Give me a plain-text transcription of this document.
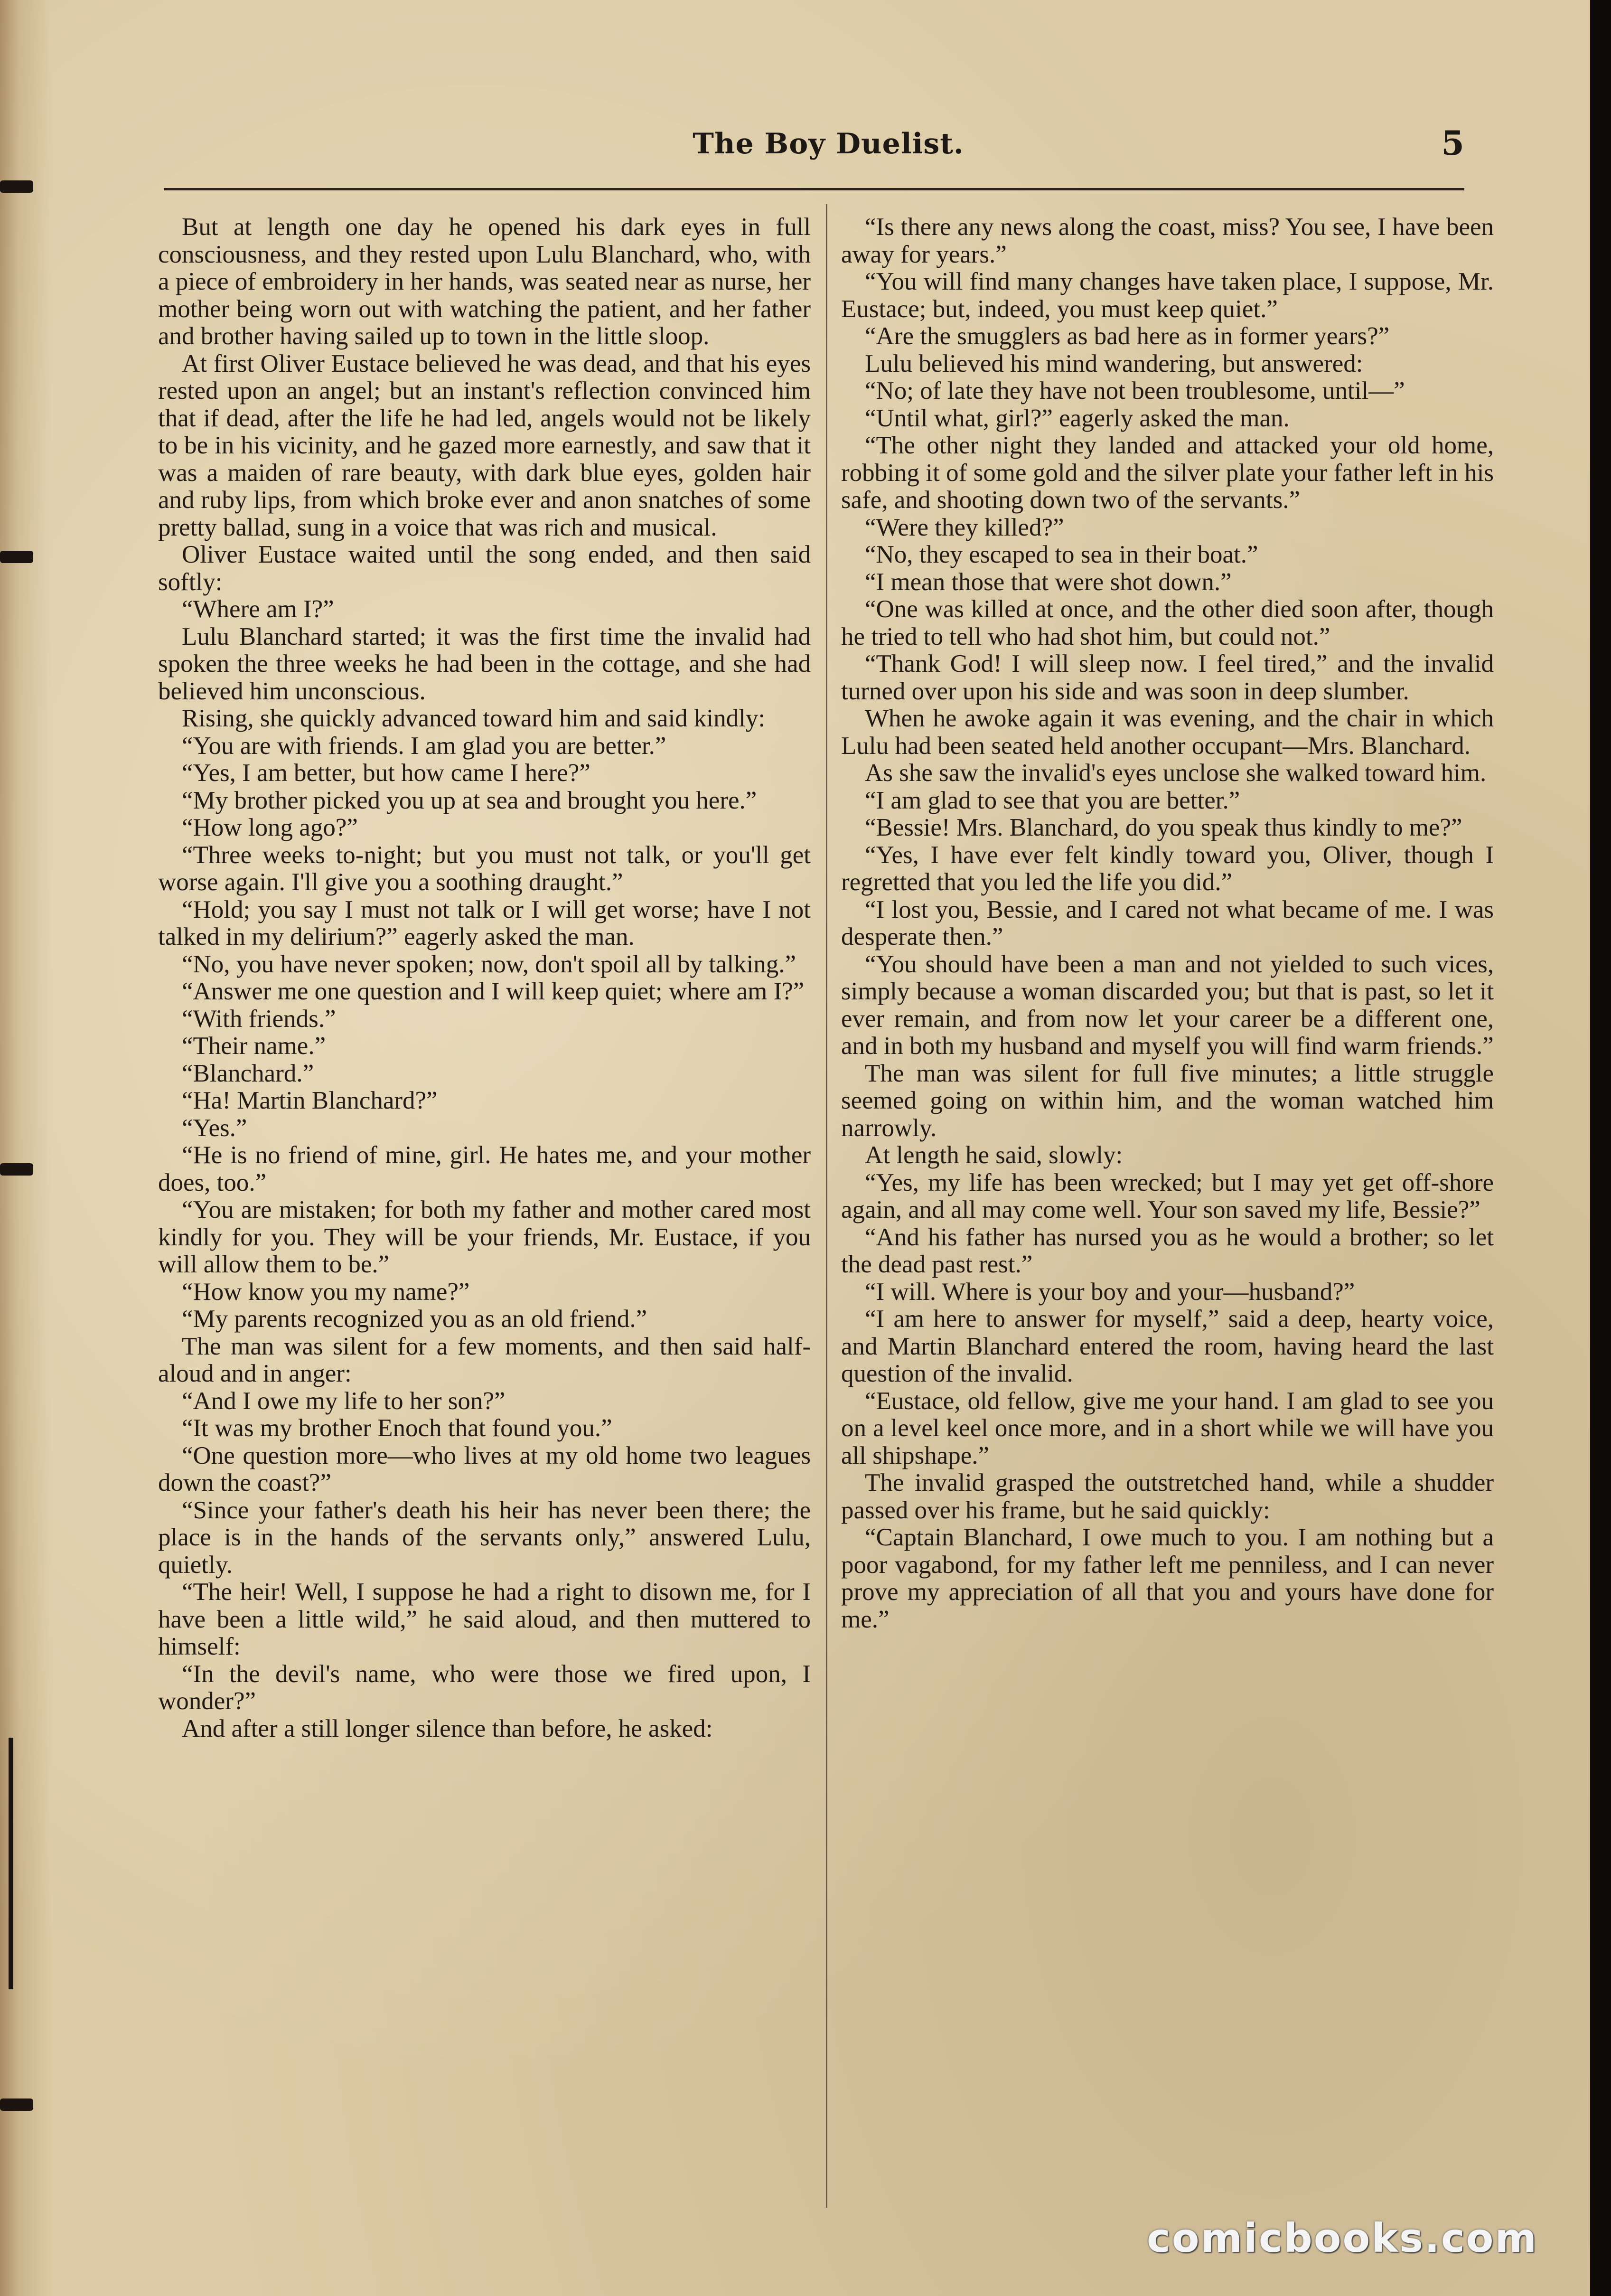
The Boy Duelist.	5

But at length one day he opened his dark eyes in full consciousness, and they rested upon Lulu Blanchard, who, with a piece of embroidery in her hands, was seated near as nurse, her mother being worn out with watching the patient, and her father and brother having sailed up to town in the little sloop.

At first Oliver Eustace believed he was dead, and that his eyes rested upon an angel; but an instant's reflection convinced him that if dead, after the life he had led, angels would not be likely to be in his vicinity, and he gazed more earnestly, and saw that it was a maiden of rare beauty, with dark blue eyes, golden hair and ruby lips, from which broke ever and anon snatches of some pretty ballad, sung in a voice that was rich and musical.

Oliver Eustace waited until the song ended, and then said softly:

“Where am I?”

Lulu Blanchard started; it was the first time the invalid had spoken the three weeks he had been in the cottage, and she had believed him unconscious.

Rising, she quickly advanced toward him and said kindly:

“You are with friends. I am glad you are better.”

“Yes, I am better, but how came I here?”

“My brother picked you up at sea and brought you here.”

“How long ago?”

“Three weeks to-night; but you must not talk, or you'll get worse again. I'll give you a soothing draught.”

“Hold; you say I must not talk or I will get worse; have I not talked in my delirium?” eagerly asked the man.

“No, you have never spoken; now, don't spoil all by talking.”

“Answer me one question and I will keep quiet; where am I?”

“With friends.”

“Their name.”

“Blanchard.”

“Ha! Martin Blanchard?”

“Yes.”

“He is no friend of mine, girl. He hates me, and your mother does, too.”

“You are mistaken; for both my father and mother cared most kindly for you. They will be your friends, Mr. Eustace, if you will allow them to be.”

“How know you my name?”

“My parents recognized you as an old friend.”

The man was silent for a few moments, and then said half-aloud and in anger:

“And I owe my life to her son?”

“It was my brother Enoch that found you.”

“One question more—who lives at my old home two leagues down the coast?”

“Since your father's death his heir has never been there; the place is in the hands of the servants only,” answered Lulu, quietly.

“The heir! Well, I suppose he had a right to disown me, for I have been a little wild,” he said aloud, and then muttered to himself:

“In the devil's name, who were those we fired upon, I wonder?”

And after a still longer silence than before, he asked:

“Is there any news along the coast, miss? You see, I have been away for years.”

“You will find many changes have taken place, I suppose, Mr. Eustace; but, indeed, you must keep quiet.”

“Are the smugglers as bad here as in former years?”

Lulu believed his mind wandering, but answered:

“No; of late they have not been troublesome, until—”

“Until what, girl?” eagerly asked the man.

“The other night they landed and attacked your old home, robbing it of some gold and the silver plate your father left in his safe, and shooting down two of the servants.”

“Were they killed?”

“No, they escaped to sea in their boat.”

“I mean those that were shot down.”

“One was killed at once, and the other died soon after, though he tried to tell who had shot him, but could not.”

“Thank God! I will sleep now. I feel tired,” and the invalid turned over upon his side and was soon in deep slumber.

When he awoke again it was evening, and the chair in which Lulu had been seated held another occupant—Mrs. Blanchard.

As she saw the invalid's eyes unclose she walked toward him.

“I am glad to see that you are better.”

“Bessie! Mrs. Blanchard, do you speak thus kindly to me?”

“Yes, I have ever felt kindly toward you, Oliver, though I regretted that you led the life you did.”

“I lost you, Bessie, and I cared not what became of me. I was desperate then.”

“You should have been a man and not yielded to such vices, simply because a woman discarded you; but that is past, so let it ever remain, and from now let your career be a different one, and in both my husband and myself you will find warm friends.”

The man was silent for full five minutes; a little struggle seemed going on within him, and the woman watched him narrowly.

At length he said, slowly:

“Yes, my life has been wrecked; but I may yet get off-shore again, and all may come well. Your son saved my life, Bessie?”

“And his father has nursed you as he would a brother; so let the dead past rest.”

“I will. Where is your boy and your—husband?”

“I am here to answer for myself,” said a deep, hearty voice, and Martin Blanchard entered the room, having heard the last question of the invalid.

“Eustace, old fellow, give me your hand. I am glad to see you on a level keel once more, and in a short while we will have you all shipshape.”

The invalid grasped the outstretched hand, while a shudder passed over his frame, but he said quickly:

“Captain Blanchard, I owe much to you. I am nothing but a poor vagabond, for my father left me penniless, and I can never prove my appreciation of all that you and yours have done for me.”

comicbooks.com
